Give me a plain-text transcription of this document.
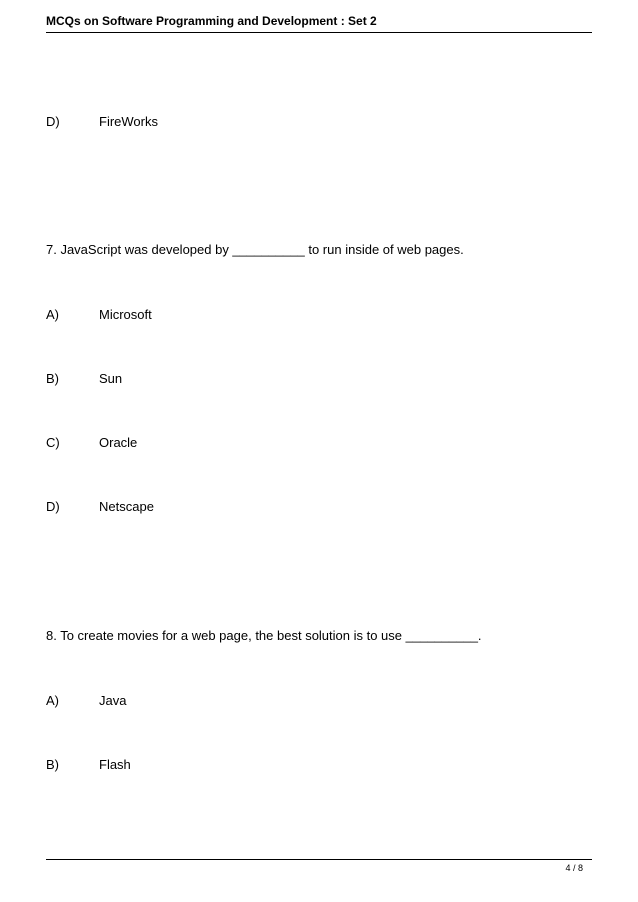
MCQs on Software Programming and Development : Set 2
D)	FireWorks
7. JavaScript was developed by __________ to run inside of web pages.
A)	Microsoft
B)	Sun
C)	Oracle
D)	Netscape
8. To create movies for a web page, the best solution is to use __________.
A)	Java
B)	Flash
4 / 8
